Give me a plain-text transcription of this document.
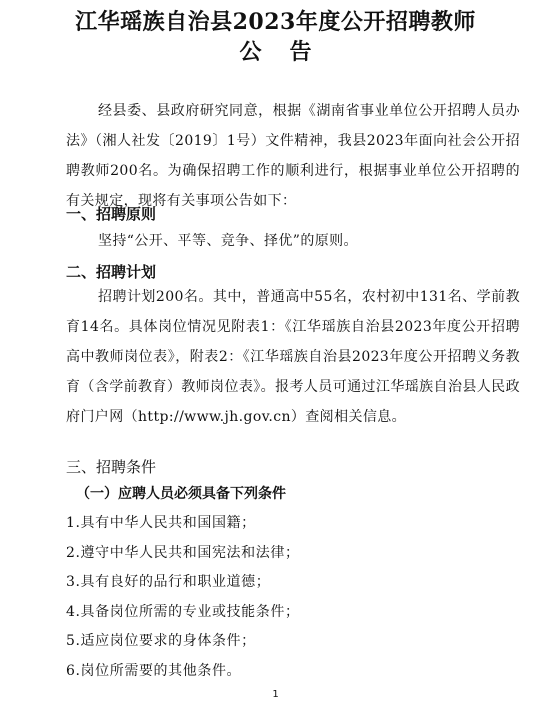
江华瑶族自治县2023年度公开招聘教师
公告
经县委、县政府研究同意，根据《湖南省事业单位公开招聘人员办法》（湘人社发〔2019〕1号）文件精神，我县2023年面向社会公开招聘教师200名。为确保招聘工作的顺利进行，根据事业单位公开招聘的有关规定，现将有关事项公告如下：
一、招聘原则
坚持“公开、平等、竞争、择优”的原则。
二、招聘计划
招聘计划200名。其中，普通高中55名，农村初中131名、学前教育14名。具体岗位情况见附表1：《江华瑶族自治县2023年度公开招聘高中教师岗位表》，附表2：《江华瑶族自治县2023年度公开招聘义务教育（含学前教育）教师岗位表》。报考人员可通过江华瑶族自治县人民政府门户网（http://www.jh.gov.cn）查阅相关信息。
三、招聘条件
（一）应聘人员必须具备下列条件
1.具有中华人民共和国国籍；
2.遵守中华人民共和国宪法和法律；
3.具有良好的品行和职业道德；
4.具备岗位所需的专业或技能条件；
5.适应岗位要求的身体条件；
6.岗位所需要的其他条件。
1
